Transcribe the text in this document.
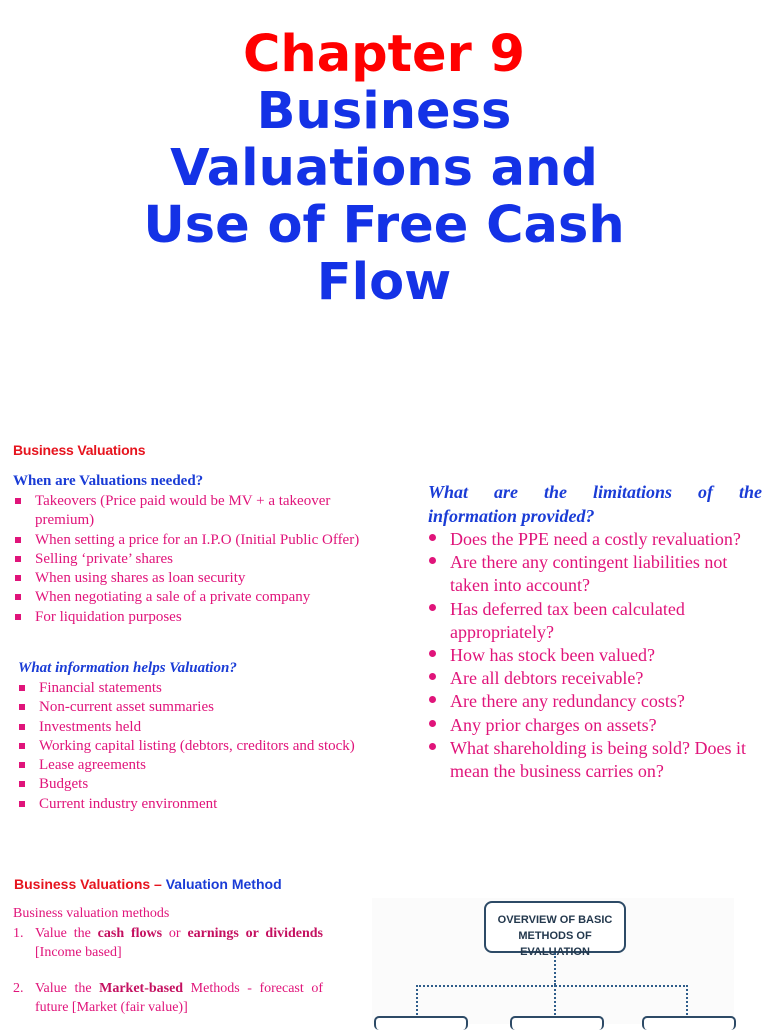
Chapter 9
Business
Valuations and
Use of Free Cash
Flow
Business Valuations
When are Valuations needed?
Takeovers (Price paid would be MV + a takeover premium)
When setting a price for an I.P.O (Initial Public Offer)
Selling ‘private’ shares
When using shares as loan security
When negotiating a sale of a private company
For liquidation purposes
What information helps Valuation?
Financial statements
Non-current asset summaries
Investments held
Working capital listing (debtors, creditors and stock)
Lease agreements
Budgets
Current industry environment
What are the limitations of the
information provided?
Does the PPE need a costly revaluation?
Are there any contingent liabilities not taken into account?
Has deferred tax been calculated appropriately?
How has stock been valued?
Are all debtors receivable?
Are there any redundancy costs?
Any prior charges on assets?
What shareholding is being sold? Does it mean the business carries on?
Business Valuations – Valuation Method
Business valuation methods
1. Value the cash flows or earnings or dividends [Income based]
2. Value the Market-based Methods - forecast of future [Market (fair value)]
OVERVIEW OF BASIC
METHODS OF EVALUATION
